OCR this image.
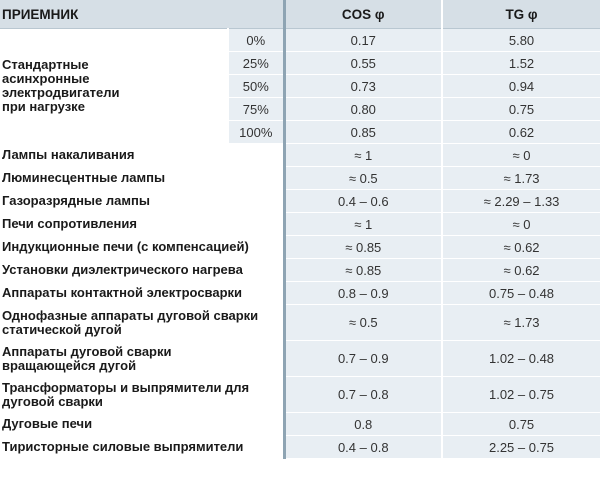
ПРИЕМНИК		COS φ	TG φ

Стандартные
асинхронные
электродвигатели
при нагрузке	0%	0.17	5.80
	25%	0.55	1.52
	50%	0.73	0.94
	75%	0.80	0.75
	100%	0.85	0.62

Лампы накаливания		≈ 1	≈ 0

Люминесцентные лампы		≈ 0.5	≈ 1.73

Газоразрядные лампы		0.4 – 0.6	≈ 2.29 – 1.33

Печи сопротивления		≈ 1	≈ 0

Индукционные печи (с компенсацией)		≈ 0.85	≈ 0.62

Установки диэлектрического нагрева		≈ 0.85	≈ 0.62

Аппараты контактной электросварки		0.8 – 0.9	0.75 – 0.48

Однофазные аппараты дуговой сварки
статической дугой		≈ 0.5	≈ 1.73

Аппараты дуговой сварки
вращающейся дугой		0.7 – 0.9	1.02 – 0.48

Трансформаторы и выпрямители для
дуговой сварки		0.7 – 0.8	1.02 – 0.75

Дуговые печи		0.8	0.75

Тиристорные силовые выпрямители		0.4 – 0.8	2.25 – 0.75
